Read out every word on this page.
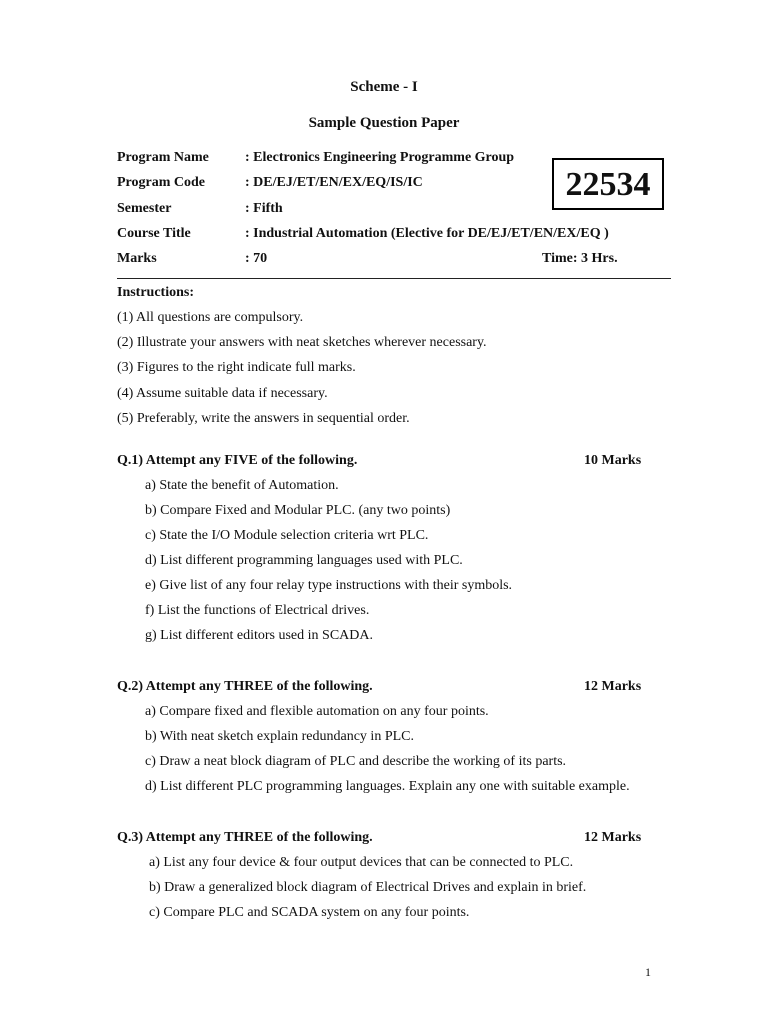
Scheme - I
Sample Question Paper
Program Name	: Electronics Engineering Programme Group
Program Code	: DE/EJ/ET/EN/EX/EQ/IS/IC
Semester	: Fifth
Course Title	: Industrial Automation (Elective for DE/EJ/ET/EN/EX/EQ )
Marks	: 70	Time: 3 Hrs.
22534
Instructions:
(1) All questions are compulsory.
(2) Illustrate your answers with neat sketches wherever necessary.
(3) Figures to the right indicate full marks.
(4) Assume suitable data if necessary.
(5) Preferably, write the answers in sequential order.
Q.1) Attempt any FIVE of the following.	10 Marks
a) State the benefit of Automation.
b) Compare Fixed and Modular PLC. (any two points)
c) State the I/O Module selection criteria wrt PLC.
d) List different programming languages used with PLC.
e) Give list of any four relay type instructions with their symbols.
f) List the functions of Electrical drives.
g) List different editors used in SCADA.
Q.2) Attempt any THREE of the following.	12 Marks
a) Compare fixed and flexible automation on any four points.
b) With neat sketch explain redundancy in PLC.
c) Draw a neat block diagram of PLC and describe the working of its parts.
d) List different PLC programming languages. Explain any one with suitable example.
Q.3) Attempt any THREE of the following.	12 Marks
a) List any four device & four output devices that can be connected to PLC.
b) Draw a generalized block diagram of Electrical Drives and explain in brief.
c) Compare PLC and SCADA system on any four points.
1
